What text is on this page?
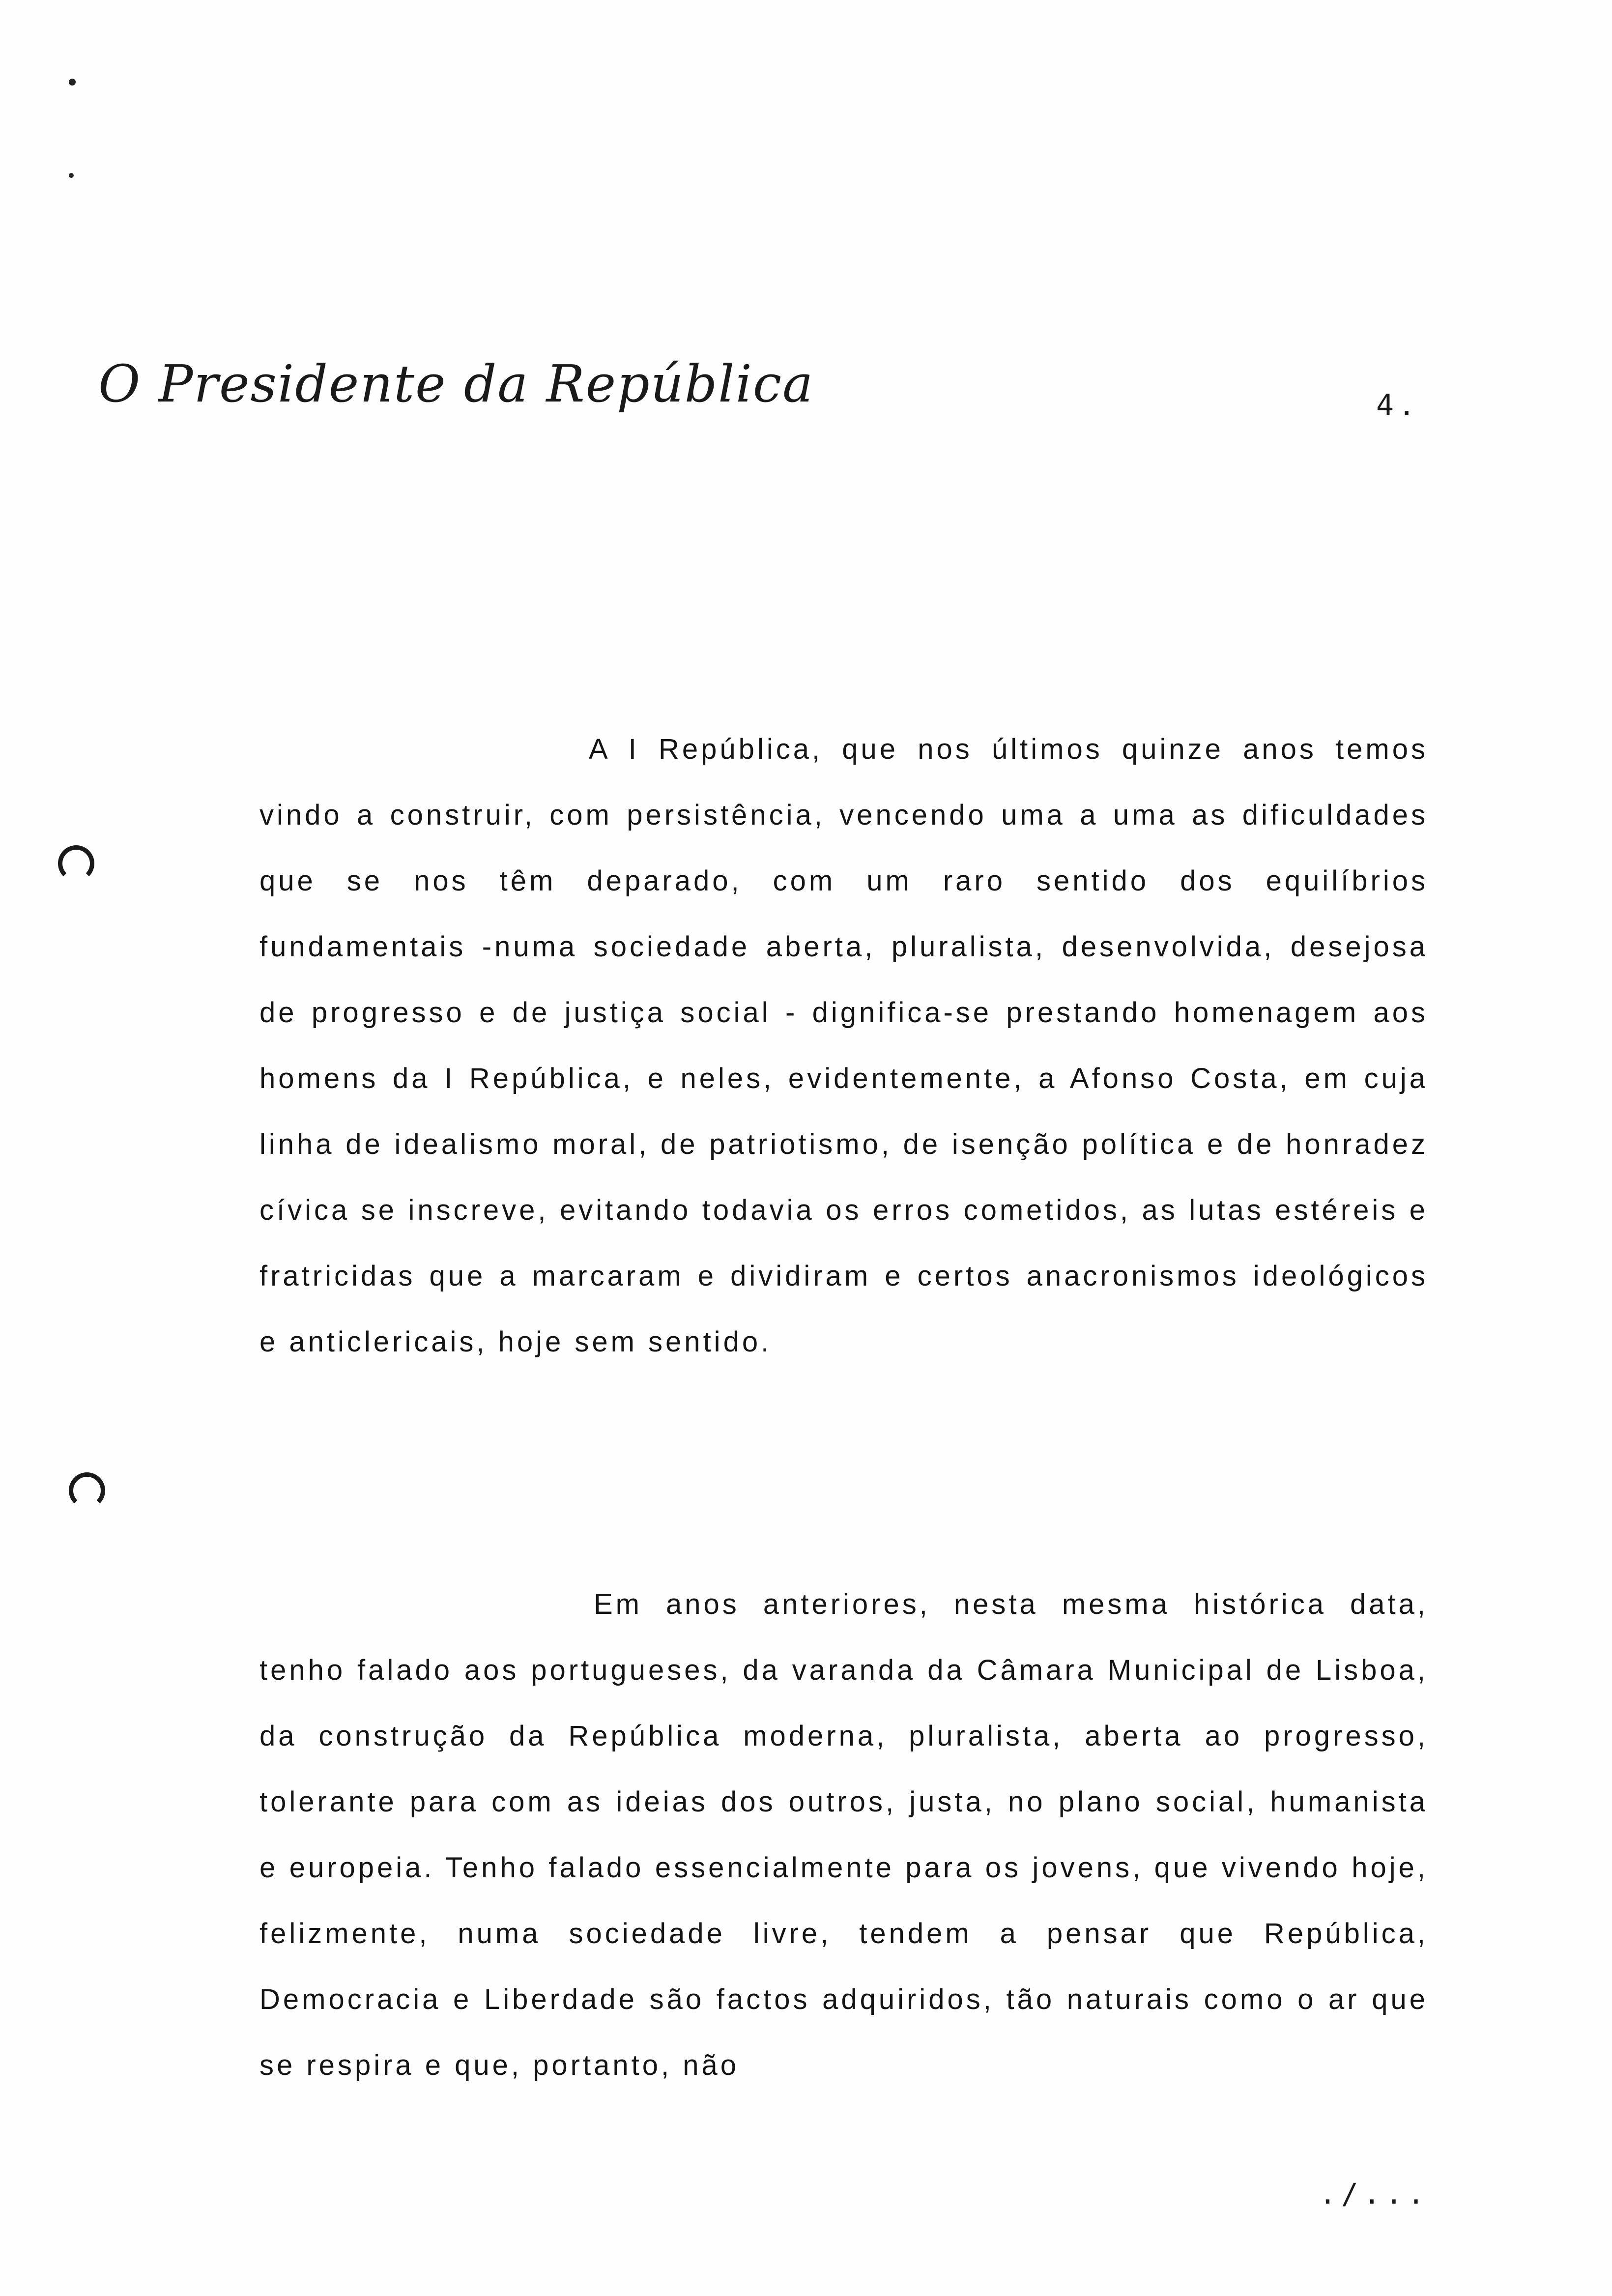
O Presidente da República	4.

A I República, que nos últimos quinze anos temos vindo a construir, com persistência, vencendo uma a uma as dificuldades que se nos têm deparado, com um raro sentido dos equilíbrios fundamentais -numa sociedade aberta, pluralista, desenvolvida, desejosa de progresso e de justiça social - dignifica-se prestando homenagem aos homens da I República, e neles, evidentemente, a Afonso Costa, em cuja linha de idealismo moral, de patriotismo, de isenção política e de honradez cívica se inscreve, evitando todavia os erros cometidos, as lutas estéreis e fratricidas que a marcaram e dividiram e certos anacronismos ideológicos e anticlericais, hoje sem sentido.

Em anos anteriores, nesta mesma histórica data, tenho falado aos portugueses, da varanda da Câmara Municipal de Lisboa, da construção da República moderna, pluralista, aberta ao progresso, tolerante para com as ideias dos outros, justa, no plano social, humanista e europeia. Tenho falado essencialmente para os jovens, que vivendo hoje, felizmente, numa sociedade livre, tendem a pensar que República, Democracia e Liberdade são factos adquiridos, tão naturais como o ar que se respira e que, portanto, não

./...
